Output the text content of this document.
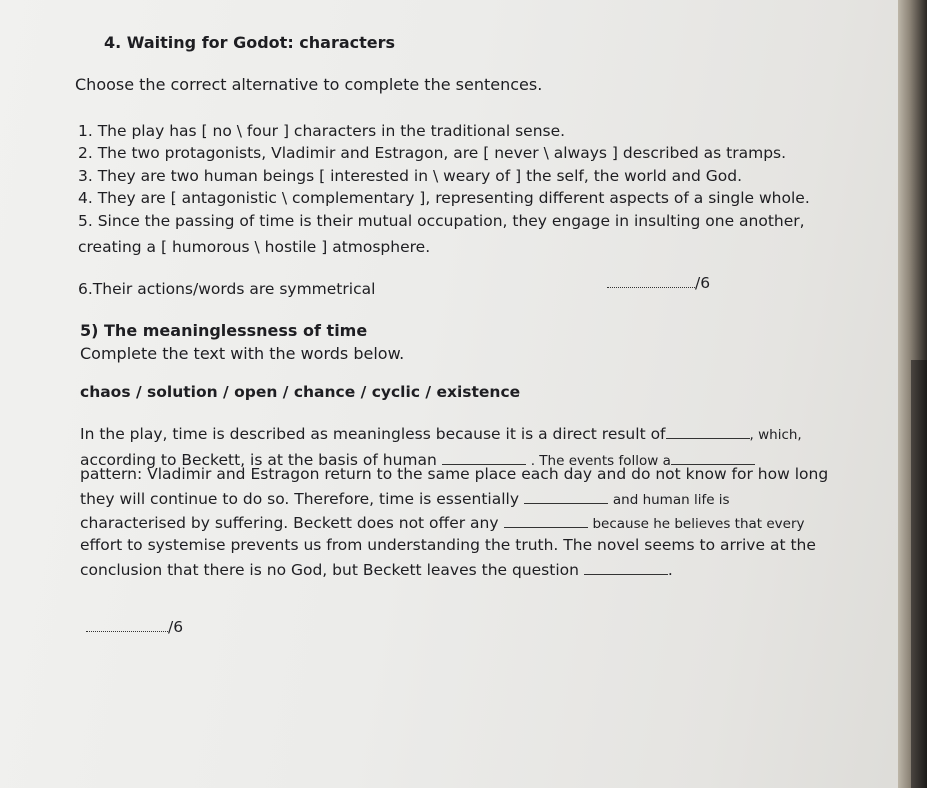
4. Waiting for Godot: characters
Choose the correct alternative to complete the sentences.
1. The play has [ no \ four ] characters in the traditional sense.
2. The two protagonists, Vladimir and Estragon, are [ never \ always ] described as tramps.
3. They are two human beings [ interested in \ weary of ] the self, the world and God.
4. They are [ antagonistic \ complementary ], representing different aspects of a single whole.
5. Since the passing of time is their mutual occupation, they engage in insulting one another,
creating a [ humorous \ hostile ] atmosphere.
6.Their actions/words are symmetrical	/6
5) The meaninglessness of time
Complete the text with the words below.
chaos / solution / open / chance / cyclic / existence
In the play, time is described as meaningless because it is a direct result of	, which,
according to Beckett, is at the basis of human	. The events follow a
pattern: Vladimir and Estragon return to the same place each day and do not know for how long
they will continue to do so. Therefore, time is essentially	and human life is
characterised by suffering. Beckett does not offer any	because he believes that every
effort to systemise prevents us from understanding the truth. The novel seems to arrive at the
conclusion that there is no God, but Beckett leaves the question	.
/6
